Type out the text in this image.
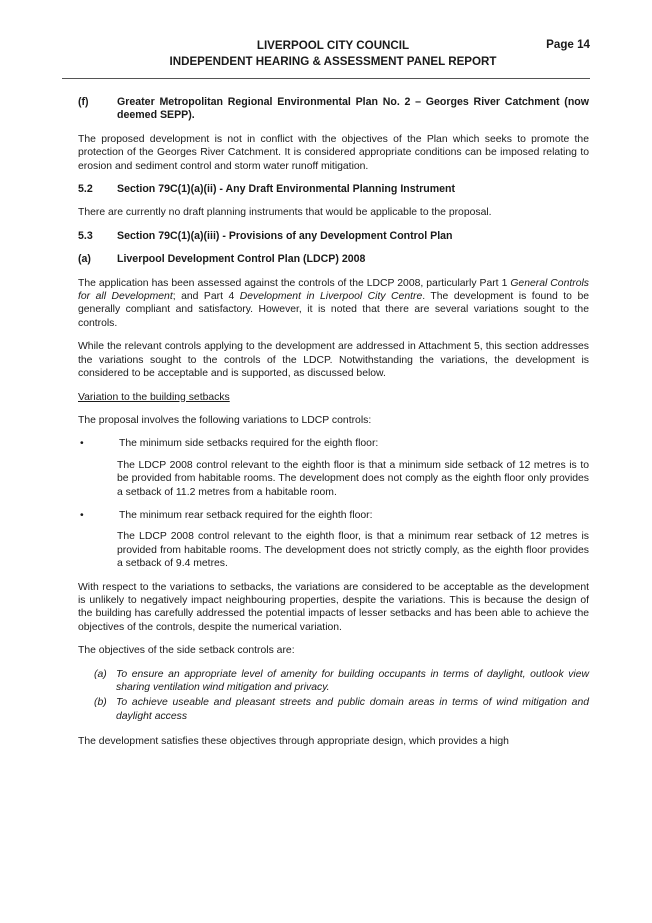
LIVERPOOL CITY COUNCIL
INDEPENDENT HEARING & ASSESSMENT PANEL REPORT
Page 14
(f)	Greater Metropolitan Regional Environmental Plan No. 2 – Georges River Catchment (now deemed SEPP).

The proposed development is not in conflict with the objectives of the Plan which seeks to promote the protection of the Georges River Catchment. It is considered appropriate conditions can be imposed relating to erosion and sediment control and storm water runoff mitigation.

5.2	Section 79C(1)(a)(ii) - Any Draft Environmental Planning Instrument

There are currently no draft planning instruments that would be applicable to the proposal.

5.3	Section 79C(1)(a)(iii) - Provisions of any Development Control Plan
(a)	Liverpool Development Control Plan (LDCP) 2008

The application has been assessed against the controls of the LDCP 2008, particularly Part 1 General Controls for all Development; and Part 4 Development in Liverpool City Centre. The development is found to be generally compliant and satisfactory. However, it is noted that there are several variations sought to the controls.

While the relevant controls applying to the development are addressed in Attachment 5, this section addresses the variations sought to the controls of the LDCP. Notwithstanding the variations, the development is considered to be acceptable and is supported, as discussed below.

Variation to the building setbacks

The proposal involves the following variations to LDCP controls:

•	The minimum side setbacks required for the eighth floor:

The LDCP 2008 control relevant to the eighth floor is that a minimum side setback of 12 metres is to be provided from habitable rooms. The development does not comply as the eighth floor only provides a setback of 11.2 metres from a habitable room.

•	The minimum rear setback required for the eighth floor:

The LDCP 2008 control relevant to the eighth floor, is that a minimum rear setback of 12 metres is provided from habitable rooms. The development does not strictly comply, as the eighth floor provides a setback of 9.4 metres.

With respect to the variations to setbacks, the variations are considered to be acceptable as the development is unlikely to negatively impact neighbouring properties, despite the variations. This is because the design of the building has carefully addressed the potential impacts of lesser setbacks and has been able to achieve the objectives of the controls, despite the numerical variation.

The objectives of the side setback controls are:

(a) To ensure an appropriate level of amenity for building occupants in terms of daylight, outlook view sharing ventilation wind mitigation and privacy.
(b) To achieve useable and pleasant streets and public domain areas in terms of wind mitigation and daylight access

The development satisfies these objectives through appropriate design, which provides a high
